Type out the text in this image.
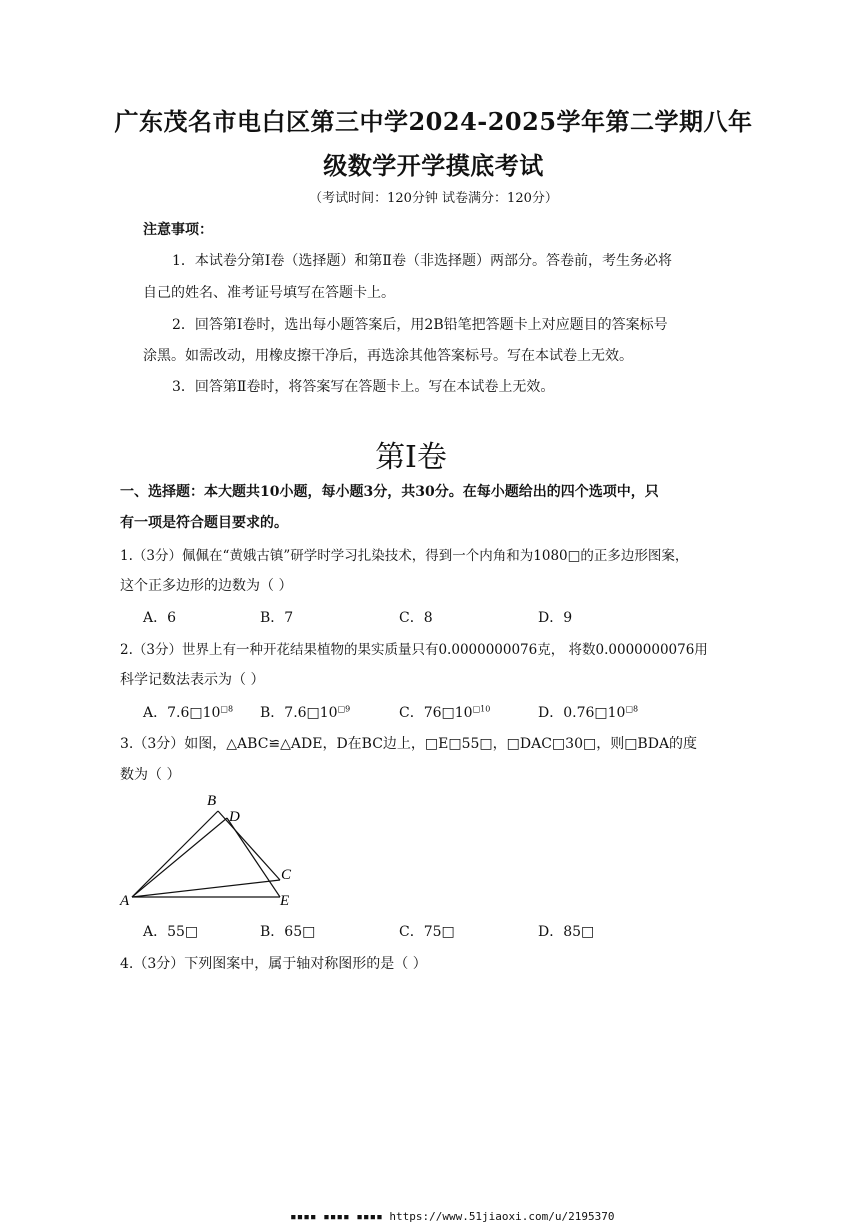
广东茂名市电白区第三中学2024-2025学年第二学期八年
级数学开学摸底考试
（考试时间：120分钟 试卷满分：120分）
注意事项：
1．本试卷分第Ⅰ卷（选择题）和第Ⅱ卷（非选择题）两部分。答卷前，考生务必将
自己的姓名、准考证号填写在答题卡上。
2．回答第Ⅰ卷时，选出每小题答案后，用2B铅笔把答题卡上对应题目的答案标号
涂黑。如需改动，用橡皮擦干净后，再选涂其他答案标号。写在本试卷上无效。
3．回答第Ⅱ卷时，将答案写在答题卡上。写在本试卷上无效。
第Ⅰ卷
一、选择题：本大题共10小题，每小题3分，共30分。在每小题给出的四个选项中，只
有一项是符合题目要求的。
1.（3分）佩佩在“黄娥古镇”研学时学习扎染技术，得到一个内角和为1080□的正多边形图案，
这个正多边形的边数为（ ）
A．6	B．7	C．8	D．9
2.（3分）世界上有一种开花结果植物的果实质量只有0.0000000076克， 将数0.0000000076用
科学记数法表示为（ ）
A．$7.6□10^{□8}$ B．$7.6□10^{□9}$	C．$76□10^{□10}$	D．$0.76□10^{□8}$
3.（3分）如图，△ABC≌△ADE，D在BC边上，□E□55□，□DAC□30□，则□BDA的度
数为（ ）
B
D
C
A	E
A．55□	B．65□	C．75□	D．85□
4.（3分）下列图案中，属于轴对称图形的是（ ）
▪▪▪▪ ▪▪▪▪ ▪▪▪▪ https://www.51jiaoxi.com/u/2195370
